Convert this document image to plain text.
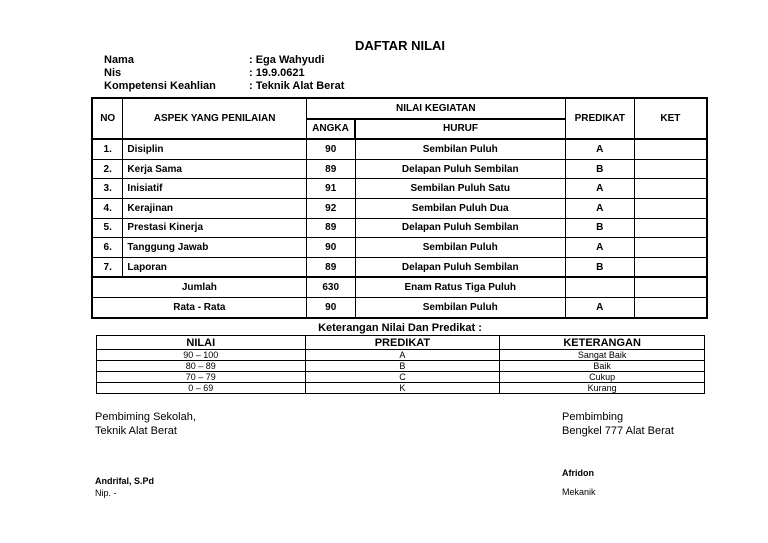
DAFTAR NILAI
Nama	: Ega Wahyudi
Nis	: 19.9.0621
Kompetensi Keahlian	: Teknik Alat Berat
NO	ASPEK YANG PENILAIAN	NILAI KEGIATAN		PREDIKAT	KET
		ANGKA	HURUF		
1.	Disiplin	90	Sembilan Puluh	A	
2.	Kerja Sama	89	Delapan Puluh Sembilan	B	
3.	Inisiatif	91	Sembilan Puluh Satu	A	
4.	Kerajinan	92	Sembilan Puluh Dua	A	
5.	Prestasi Kinerja	89	Delapan Puluh Sembilan	B	
6.	Tanggung Jawab	90	Sembilan Puluh	A	
7.	Laporan	89	Delapan Puluh Sembilan	B	
Jumlah		630	Enam Ratus Tiga Puluh		
Rata - Rata		90	Sembilan Puluh	A	
Keterangan Nilai Dan Predikat :
NILAI	PREDIKAT	KETERANGAN
90 – 100	A	Sangat Baik
80 – 89	B	Baik
70 – 79	C	Cukup
0 – 69	K	Kurang
Pembiming Sekolah,
Teknik Alat Berat
Andrifal, S.Pd
Nip. -
Pembimbing
Bengkel 777 Alat Berat
Afridon
Mekanik
